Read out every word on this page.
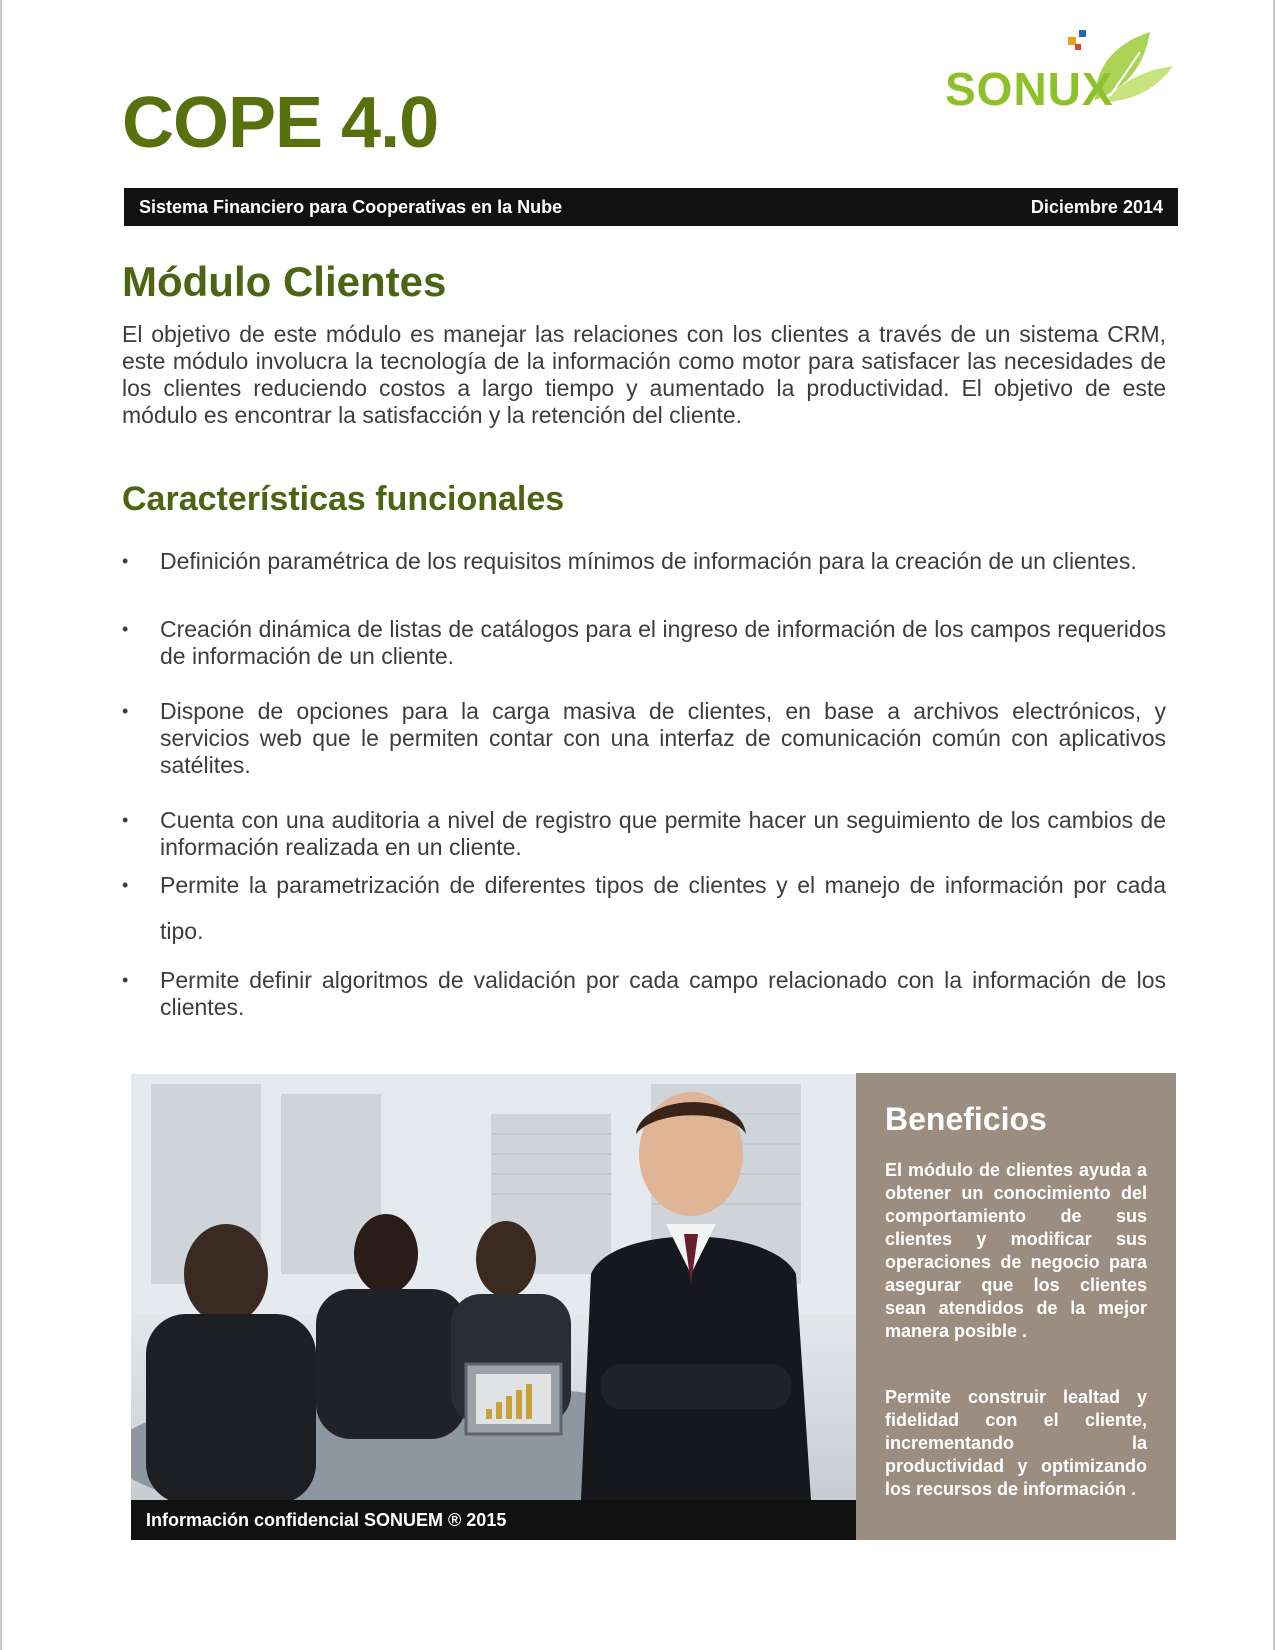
SONUX
COPE 4.0
Sistema Financiero para Cooperativas en la Nube	Diciembre 2014
Módulo Clientes

El objetivo de este módulo es manejar las relaciones con los clientes a través de un sistema CRM, este módulo involucra la tecnología de la información como motor para satisfacer las necesidades de los clientes reduciendo costos a largo tiempo y aumentado la productividad. El objetivo de este módulo es encontrar la satisfacción y la retención del cliente.

Características funcionales
• Definición paramétrica de los requisitos mínimos de información para la creación de un clientes.
• Creación dinámica de listas de catálogos para el ingreso de información de los campos requeridos de información de un cliente.
• Dispone de opciones para la carga masiva de clientes, en base a archivos electrónicos, y servicios web que le permiten contar con una interfaz de comunicación común con aplicativos satélites.
• Cuenta con una auditoria a nivel de registro que permite hacer un seguimiento de los cambios de información realizada en un cliente.
• Permite la parametrización de diferentes tipos de clientes y el manejo de información por cada tipo.
• Permite definir algoritmos de validación por cada campo relacionado con la información de los clientes.
Información confidencial SONUEM ® 2015
Beneficios

El módulo de clientes ayuda a obtener un conocimiento del comportamiento de sus clientes y modificar sus operaciones de negocio para asegurar que los clientes sean atendidos de la mejor manera posible .

Permite construir lealtad y fidelidad con el cliente, incrementando la productividad y optimizando los recursos de información .
